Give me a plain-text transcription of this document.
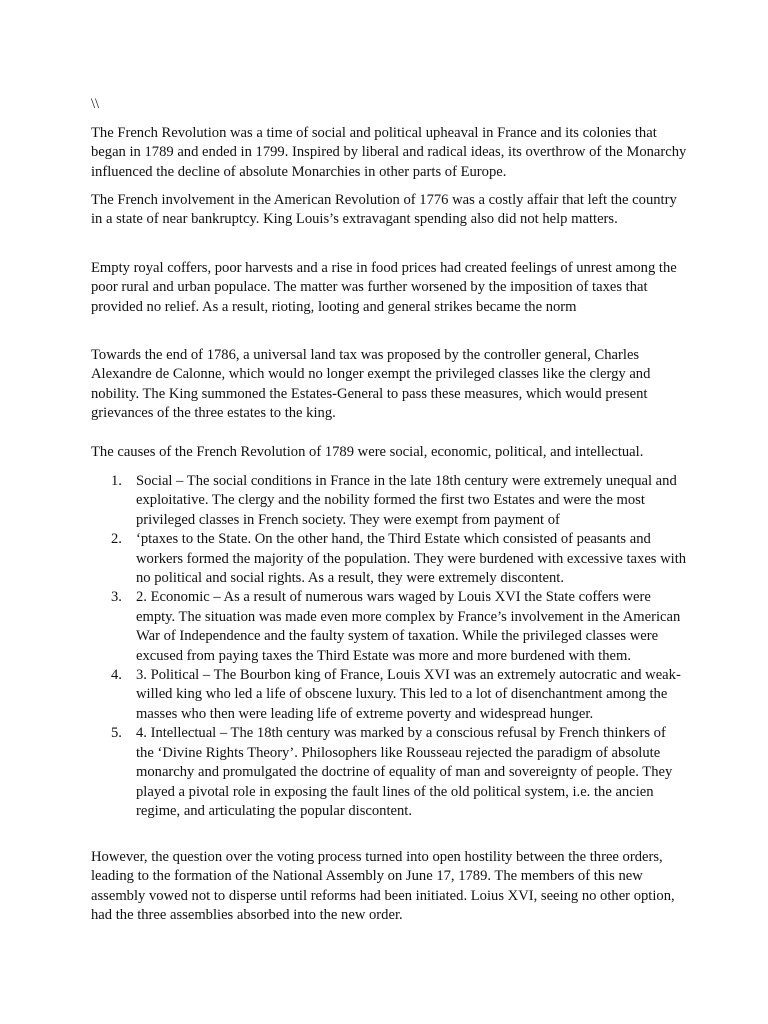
\\

The French Revolution was a time of social and political upheaval in France and its colonies that began in 1789 and ended in 1799. Inspired by liberal and radical ideas, its overthrow of the Monarchy influenced the decline of absolute Monarchies in other parts of Europe.

The French involvement in the American Revolution of 1776 was a costly affair that left the country in a state of near bankruptcy. King Louis’s extravagant spending also did not help matters.

Empty royal coffers, poor harvests and a rise in food prices had created feelings of unrest among the poor rural and urban populace. The matter was further worsened by the imposition of taxes that provided no relief. As a result, rioting, looting and general strikes became the norm

Towards the end of 1786, a universal land tax was proposed by the controller general, Charles Alexandre de Calonne, which would no longer exempt the privileged classes like the clergy and nobility. The King summoned the Estates-General to pass these measures, which would present grievances of the three estates to the king.

The causes of the French Revolution of 1789 were social, economic, political, and intellectual.

1. Social – The social conditions in France in the late 18th century were extremely unequal and exploitative. The clergy and the nobility formed the first two Estates and were the most privileged classes in French society. They were exempt from payment of
2. ‘ptaxes to the State. On the other hand, the Third Estate which consisted of peasants and workers formed the majority of the population. They were burdened with excessive taxes with no political and social rights. As a result, they were extremely discontent.
3. 2. Economic – As a result of numerous wars waged by Louis XVI the State coffers were empty. The situation was made even more complex by France’s involvement in the American War of Independence and the faulty system of taxation. While the privileged classes were excused from paying taxes the Third Estate was more and more burdened with them.
4. 3. Political – The Bourbon king of France, Louis XVI was an extremely autocratic and weak-willed king who led a life of obscene luxury. This led to a lot of disenchantment among the masses who then were leading life of extreme poverty and widespread hunger.
5. 4. Intellectual – The 18th century was marked by a conscious refusal by French thinkers of the ‘Divine Rights Theory’. Philosophers like Rousseau rejected the paradigm of absolute monarchy and promulgated the doctrine of equality of man and sovereignty of people. They played a pivotal role in exposing the fault lines of the old political system, i.e. the ancien regime, and articulating the popular discontent.

However, the question over the voting process turned into open hostility between the three orders, leading to the formation of the National Assembly on June 17, 1789. The members of this new assembly vowed not to disperse until reforms had been initiated. Loius XVI, seeing no other option, had the three assemblies absorbed into the new order.
